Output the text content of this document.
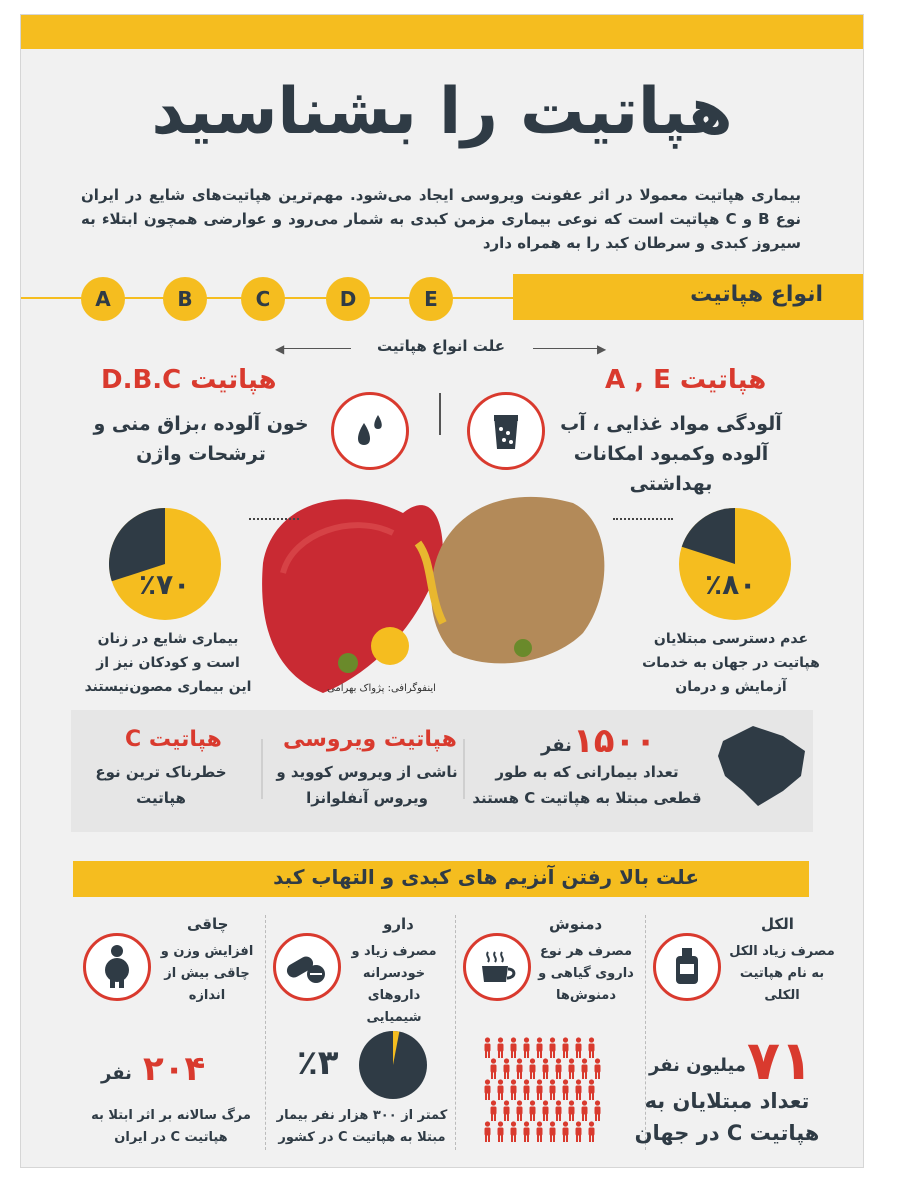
هپاتیت را بشناسید
بیماری هپاتیت معمولا در اثر عفونت ویروسی ایجاد می‌شود. مهم‌ترین هپاتیت‌های شایع در ایران نوع B و C هپاتیت است که نوعی بیماری مزمن کبدی به شمار می‌رود و عوارضی همچون ابتلاء به سیروز کبدی و سرطان کبد را به همراه دارد
A	B	C	D	E	انواع هپاتیت
علت انواع هپاتیت
◀	▶
هپاتیت A , E
آلودگی مواد غذایی ، آب آلوده وکمبود امکانات بهداشتی
هپاتیت D.B.C
خون آلوده ،بزاق منی و ترشحات واژن
اینفوگرافی: پژواک بهرامی
٪۷۰	٪۸۰
بیماری شایع در زنان است و کودکان نیز از این بیماری مصون‌نیستند
عدم دسترسی مبتلایان هپاتیت در جهان به خدمات آزمایش و درمان
۱۵۰۰
نفر
تعداد بیمارانی که به طور قطعی مبتلا به هپاتیت C هستند
هپاتیت ویروسی
ناشی از ویروس کووید و ویروس آنفلوانزا
هپاتیت C
خطرناک ترین نوع هپاتیت
علت بالا رفتن آنزیم های کبدی و التهاب کبد
الکل
مصرف زیاد الکل به نام هپاتیت الکلی
دمنوش
مصرف هر نوع داروی گیاهی و دمنوش‌ها
دارو
مصرف زیاد و خودسرانه داروهای شیمیایی
چاقی
افزایش وزن و چاقی بیش از اندازه
۷۱
میلیون نفر
تعداد مبتلایان به هپاتیت C در جهان
٪۳
کمتر از ۳۰۰ هزار نفر بیمار مبتلا به هپاتیت C در کشور
۲۰۴
نفر
مرگ سالانه بر اثر ابتلا به هپاتیت C در ایران
